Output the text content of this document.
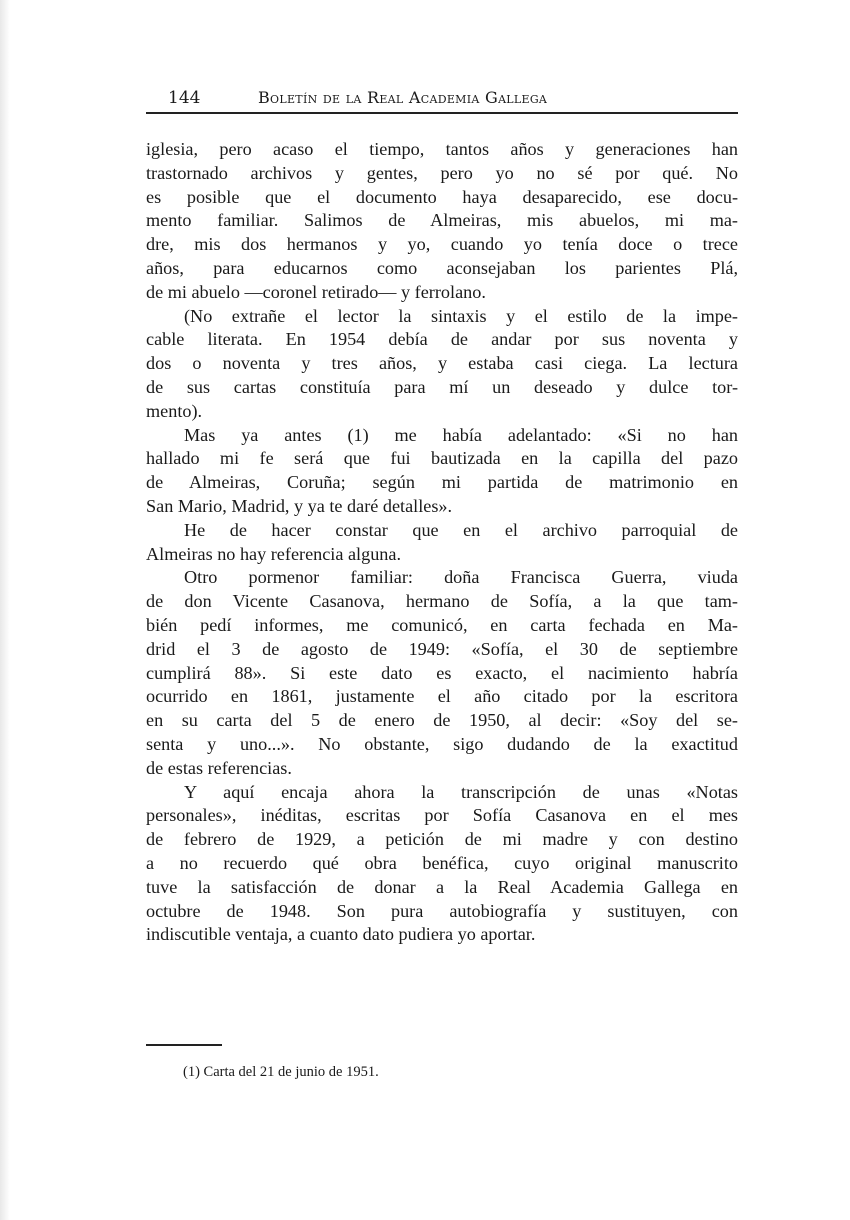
144	Boletín de la Real Academia Gallega
iglesia, pero acaso el tiempo, tantos años y generaciones han
trastornado archivos y gentes, pero yo no sé por qué. No
es posible que el documento haya desaparecido, ese docu-
mento familiar. Salimos de Almeiras, mis abuelos, mi ma-
dre, mis dos hermanos y yo, cuando yo tenía doce o trece
años, para educarnos como aconsejaban los parientes Plá,
de mi abuelo —coronel retirado— y ferrolano.
(No extrañe el lector la sintaxis y el estilo de la impe-
cable literata. En 1954 debía de andar por sus noventa y
dos o noventa y tres años, y estaba casi ciega. La lectura
de sus cartas constituía para mí un deseado y dulce tor-
mento).
Mas ya antes (1) me había adelantado: «Si no han
hallado mi fe será que fui bautizada en la capilla del pazo
de Almeiras, Coruña; según mi partida de matrimonio en
San Mario, Madrid, y ya te daré detalles».
He de hacer constar que en el archivo parroquial de
Almeiras no hay referencia alguna.
Otro pormenor familiar: doña Francisca Guerra, viuda
de don Vicente Casanova, hermano de Sofía, a la que tam-
bién pedí informes, me comunicó, en carta fechada en Ma-
drid el 3 de agosto de 1949: «Sofía, el 30 de septiembre
cumplirá 88». Si este dato es exacto, el nacimiento habría
ocurrido en 1861, justamente el año citado por la escritora
en su carta del 5 de enero de 1950, al decir: «Soy del se-
senta y uno...». No obstante, sigo dudando de la exactitud
de estas referencias.
Y aquí encaja ahora la transcripción de unas «Notas
personales», inéditas, escritas por Sofía Casanova en el mes
de febrero de 1929, a petición de mi madre y con destino
a no recuerdo qué obra benéfica, cuyo original manuscrito
tuve la satisfacción de donar a la Real Academia Gallega en
octubre de 1948. Son pura autobiografía y sustituyen, con
indiscutible ventaja, a cuanto dato pudiera yo aportar.
(1) Carta del 21 de junio de 1951.
